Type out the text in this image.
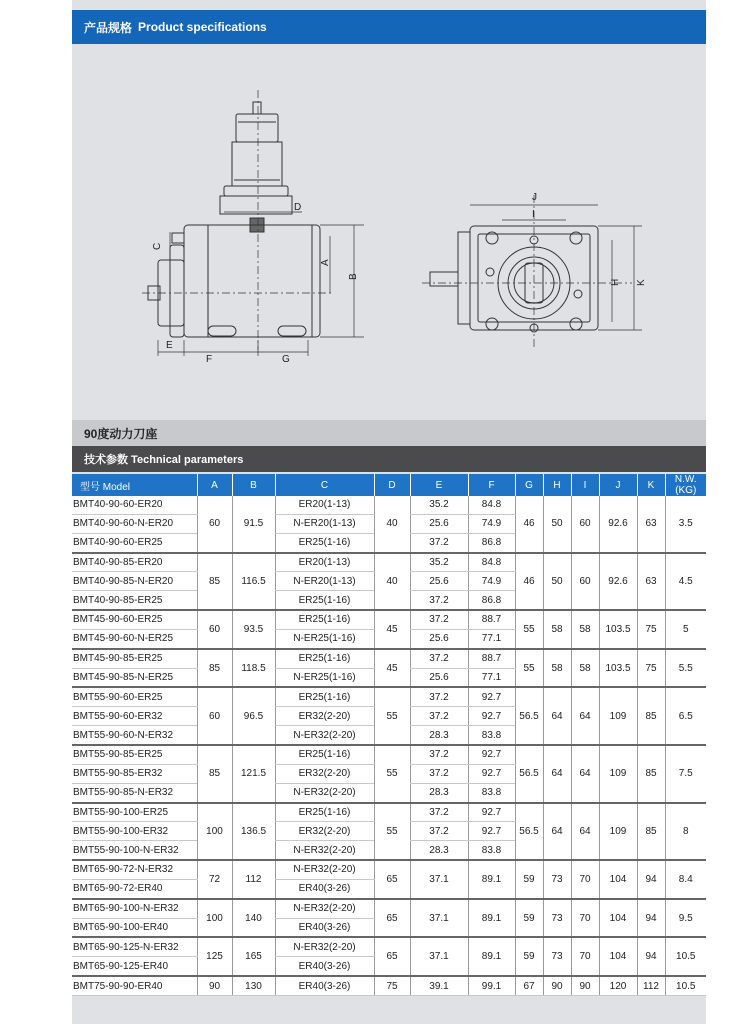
产品规格 Product specifications
A
B
C
D
E
F	G
J
I
H K
90度动力刀座
技术参数 Technical parameters
型号 Model	A	B	C	D	E	F	G	H	I	J	K	N.W.(KG)
BMT40-90-60-ER20	60	91.5	ER20(1-13)	40	35.2	84.8	46	50	60	92.6	63	3.5
BMT40-90-60-N-ER20			N-ER20(1-13)		25.6	74.9						
BMT40-90-60-ER25			ER25(1-16)		37.2	86.8						
BMT40-90-85-ER20	85	116.5	ER20(1-13)	40	35.2	84.8	46	50	60	92.6	63	4.5
BMT40-90-85-N-ER20			N-ER20(1-13)		25.6	74.9						
BMT40-90-85-ER25			ER25(1-16)		37.2	86.8						
BMT45-90-60-ER25	60	93.5	ER25(1-16)	45	37.2	88.7	55	58	58	103.5	75	5
BMT45-90-60-N-ER25			N-ER25(1-16)		25.6	77.1						
BMT45-90-85-ER25	85	118.5	ER25(1-16)	45	37.2	88.7	55	58	58	103.5	75	5.5
BMT45-90-85-N-ER25			N-ER25(1-16)		25.6	77.1						
BMT55-90-60-ER25	60	96.5	ER25(1-16)	55	37.2	92.7	56.5	64	64	109	85	6.5
BMT55-90-60-ER32			ER32(2-20)		37.2	92.7						
BMT55-90-60-N-ER32			N-ER32(2-20)		28.3	83.8						
BMT55-90-85-ER25	85	121.5	ER25(1-16)	55	37.2	92.7	56.5	64	64	109	85	7.5
BMT55-90-85-ER32			ER32(2-20)		37.2	92.7						
BMT55-90-85-N-ER32			N-ER32(2-20)		28.3	83.8						
BMT55-90-100-ER25	100	136.5	ER25(1-16)	55	37.2	92.7	56.5	64	64	109	85	8
BMT55-90-100-ER32			ER32(2-20)		37.2	92.7						
BMT55-90-100-N-ER32			N-ER32(2-20)		28.3	83.8						
BMT65-90-72-N-ER32	72	112	N-ER32(2-20)	65	37.1	89.1	59	73	70	104	94	8.4
BMT65-90-72-ER40			ER40(3-26)									
BMT65-90-100-N-ER32	100	140	N-ER32(2-20)	65	37.1	89.1	59	73	70	104	94	9.5
BMT65-90-100-ER40			ER40(3-26)									
BMT65-90-125-N-ER32	125	165	N-ER32(2-20)	65	37.1	89.1	59	73	70	104	94	10.5
BMT65-90-125-ER40			ER40(3-26)									
BMT75-90-90-ER40	90	130	ER40(3-26)	75	39.1	99.1	67	90	90	120	112	10.5
